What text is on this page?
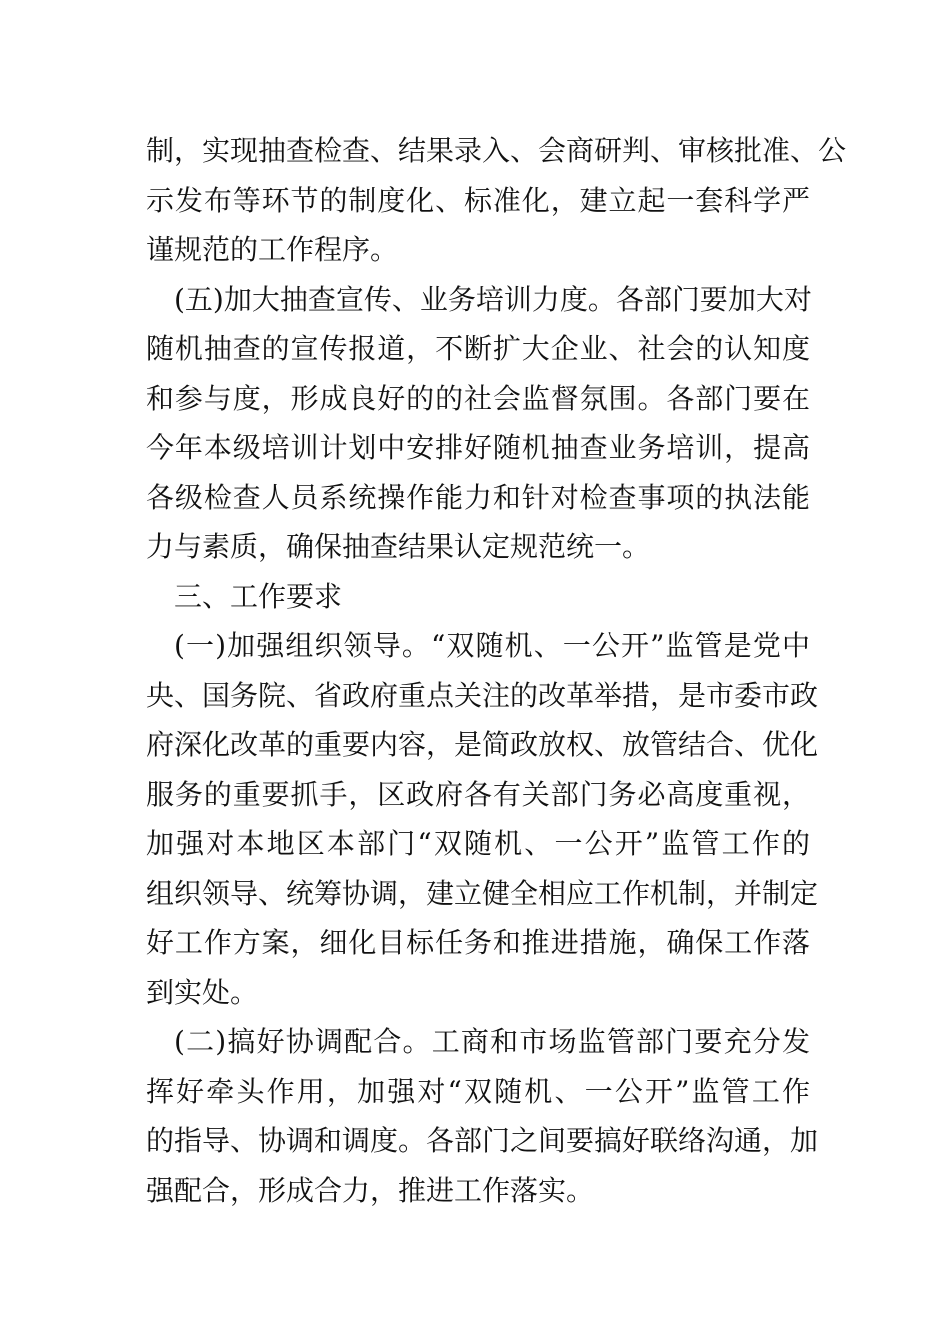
制，实现抽查检查、结果录入、会商研判、审核批准、公
示发布等环节的制度化、标准化，建立起一套科学严
谨规范的工作程序。
(五)加大抽查宣传、业务培训力度。各部门要加大对
随机抽查的宣传报道，不断扩大企业、社会的认知度
和参与度，形成良好的的社会监督氛围。各部门要在
今年本级培训计划中安排好随机抽查业务培训，提高
各级检查人员系统操作能力和针对检查事项的执法能
力与素质，确保抽查结果认定规范统一。
三、工作要求
(一)加强组织领导。“双随机、一公开”监管是党中
央、国务院、省政府重点关注的改革举措，是市委市政
府深化改革的重要内容，是简政放权、放管结合、优化
服务的重要抓手，区政府各有关部门务必高度重视，
加强对本地区本部门“双随机、一公开”监管工作的
组织领导、统筹协调，建立健全相应工作机制，并制定
好工作方案，细化目标任务和推进措施，确保工作落
到实处。
(二)搞好协调配合。工商和市场监管部门要充分发
挥好牵头作用，加强对“双随机、一公开”监管工作
的指导、协调和调度。各部门之间要搞好联络沟通，加
强配合，形成合力，推进工作落实。
